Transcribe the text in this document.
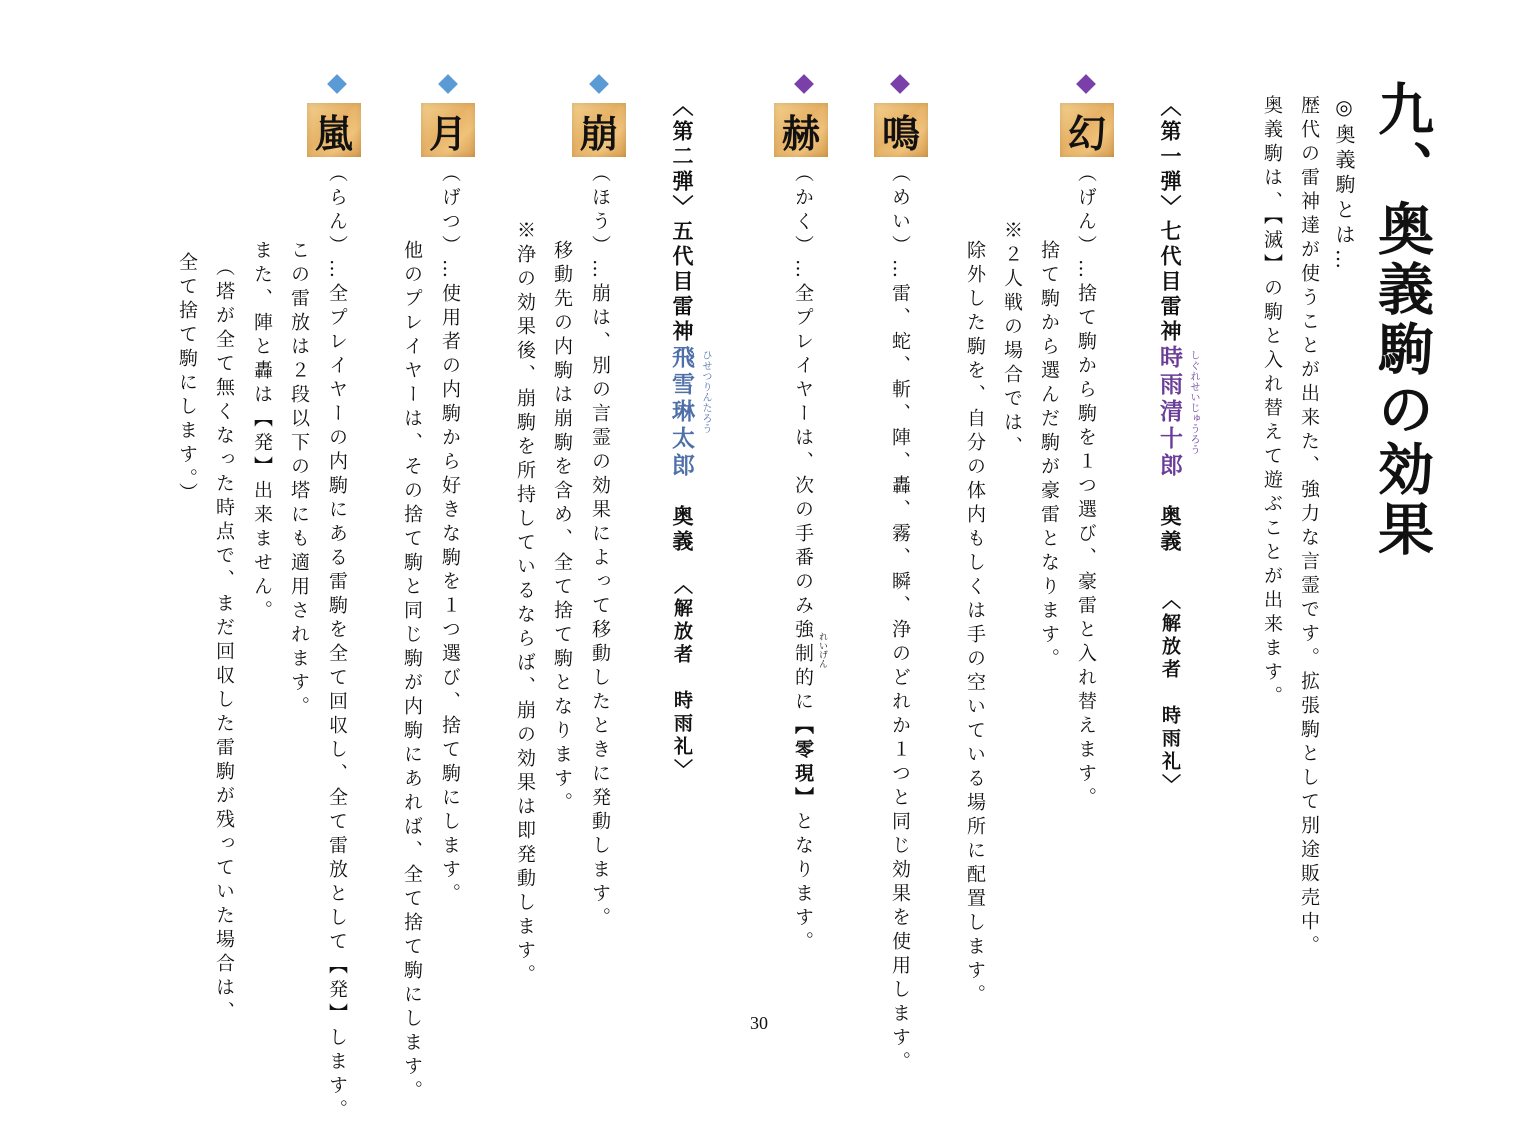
九、奥義駒の効果
◎奥義駒とは…
歴代の雷神達が使うことが出来た、強力な言霊です。拡張駒として別途販売中。
奥義駒は、【滅】の駒と入れ替えて遊ぶことが出来ます。
〈第一弾〉七代目雷神
時雨清十郎 しぐれせいじゅうろう
奥義
〈解放者　時雨礼〉
幻
（げん）…捨て駒から駒を１つ選び、豪雷と入れ替えます。
捨て駒から選んだ駒が豪雷となります。
※２人戦の場合では、
除外した駒を、自分の体内もしくは手の空いている場所に配置します。
鳴
（めい）…雷、蛇、斬、陣、轟、霧、瞬、浄のどれか１つと同じ効果を使用します。
赫
（かく）…全プレイヤーは、次の手番のみ強制的に【零現】となります。
れいげん
〈第二弾〉五代目雷神
飛雪琳太郎 ひせつりんたろう
奥義
〈解放者　時雨礼〉
崩
（ほう）…崩は、別の言霊の効果によって移動したときに発動します。
移動先の内駒は崩駒を含め、全て捨て駒となります。
※浄の効果後、崩駒を所持しているならば、崩の効果は即発動します。
月
（げつ）…使用者の内駒から好きな駒を１つ選び、捨て駒にします。
他のプレイヤーは、その捨て駒と同じ駒が内駒にあれば、全て捨て駒にします。
嵐
（らん）…全プレイヤーの内駒にある雷駒を全て回収し、全て雷放として【発】します。
この雷放は２段以下の塔にも適用されます。
また、陣と轟は【発】出来ません。
（塔が全て無くなった時点で、まだ回収した雷駒が残っていた場合は、
全て捨て駒にします。）
30
